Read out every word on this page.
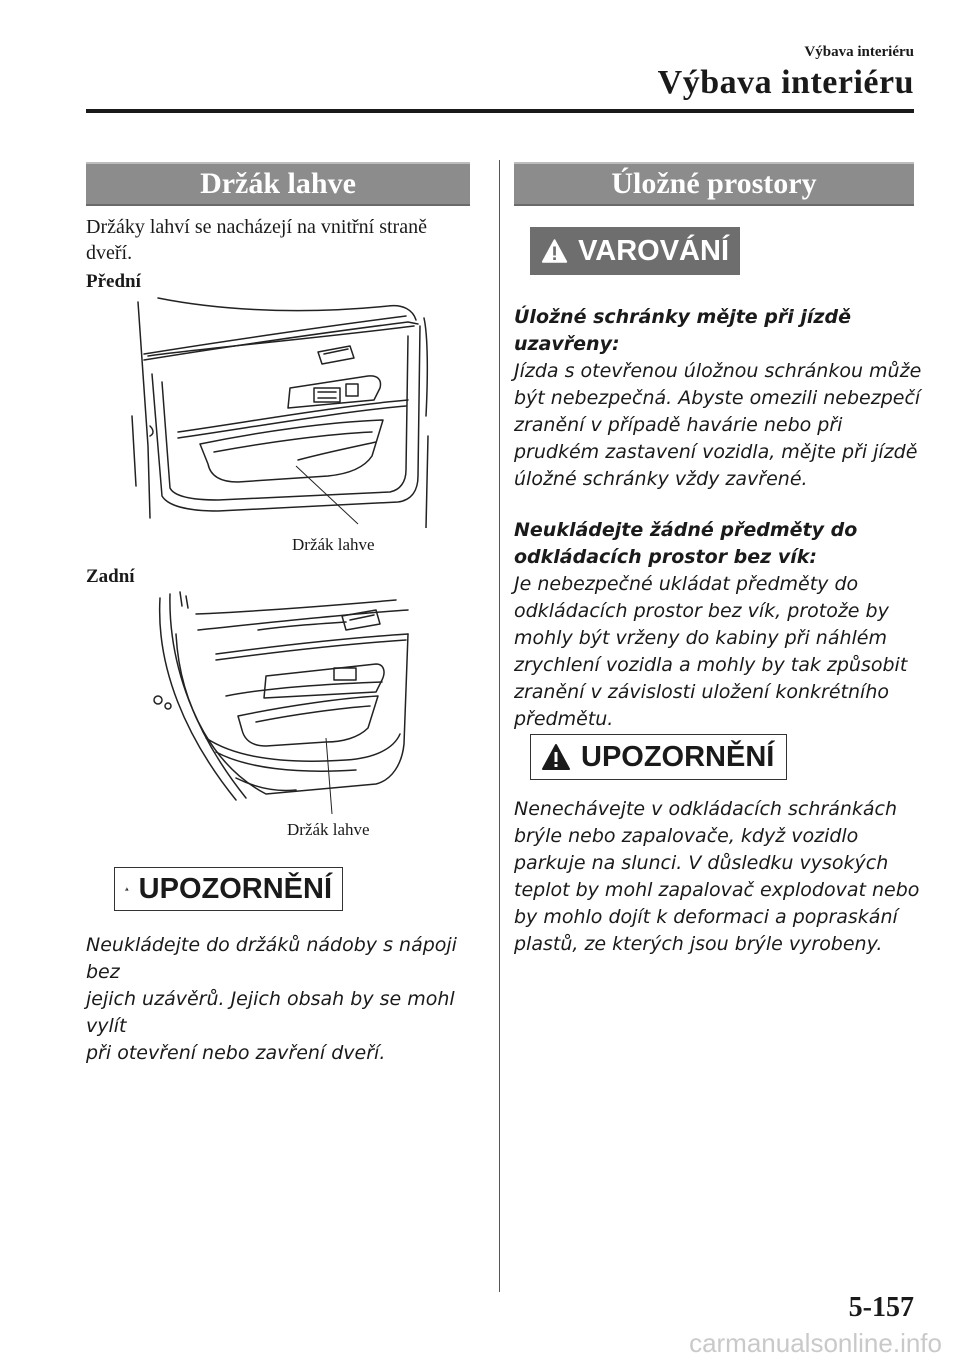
Výbava interiéru
Výbava interiéru
Držák lahve

Držáky lahví se nacházejí na vnitřní straně

dveří.

Přední
Držák lahve
Zadní
Držák lahve
UPOZORNĚNÍ

Neukládejte do držáků nádoby s nápoji bez

jejich uzávěrů. Jejich obsah by se mohl vylít

při otevření nebo zavření dveří.

Úložné prostory
VAROVÁNÍ

Úložné schránky mějte při jízdě uzavřeny:

Jízda s otevřenou úložnou schránkou může

být nebezpečná. Abyste omezili nebezpečí

zranění v případě havárie nebo při

prudkém zastavení vozidla, mějte při jízdě

úložné schránky vždy zavřené.

Neukládejte žádné předměty do

odkládacích prostor bez vík:

Je nebezpečné ukládat předměty do

odkládacích prostor bez vík, protože by

mohly být vrženy do kabiny při náhlém

zrychlení vozidla a mohly by tak způsobit

zranění v závislosti uložení konkrétního

předmětu.

UPOZORNĚNÍ

Nenechávejte v odkládacích schránkách

brýle nebo zapalovače, když vozidlo

parkuje na slunci. V důsledku vysokých

teplot by mohl zapalovač explodovat nebo

by mohlo dojít k deformaci a popraskání

plastů, ze kterých jsou brýle vyrobeny.

5-157
carmanualsonline.info
